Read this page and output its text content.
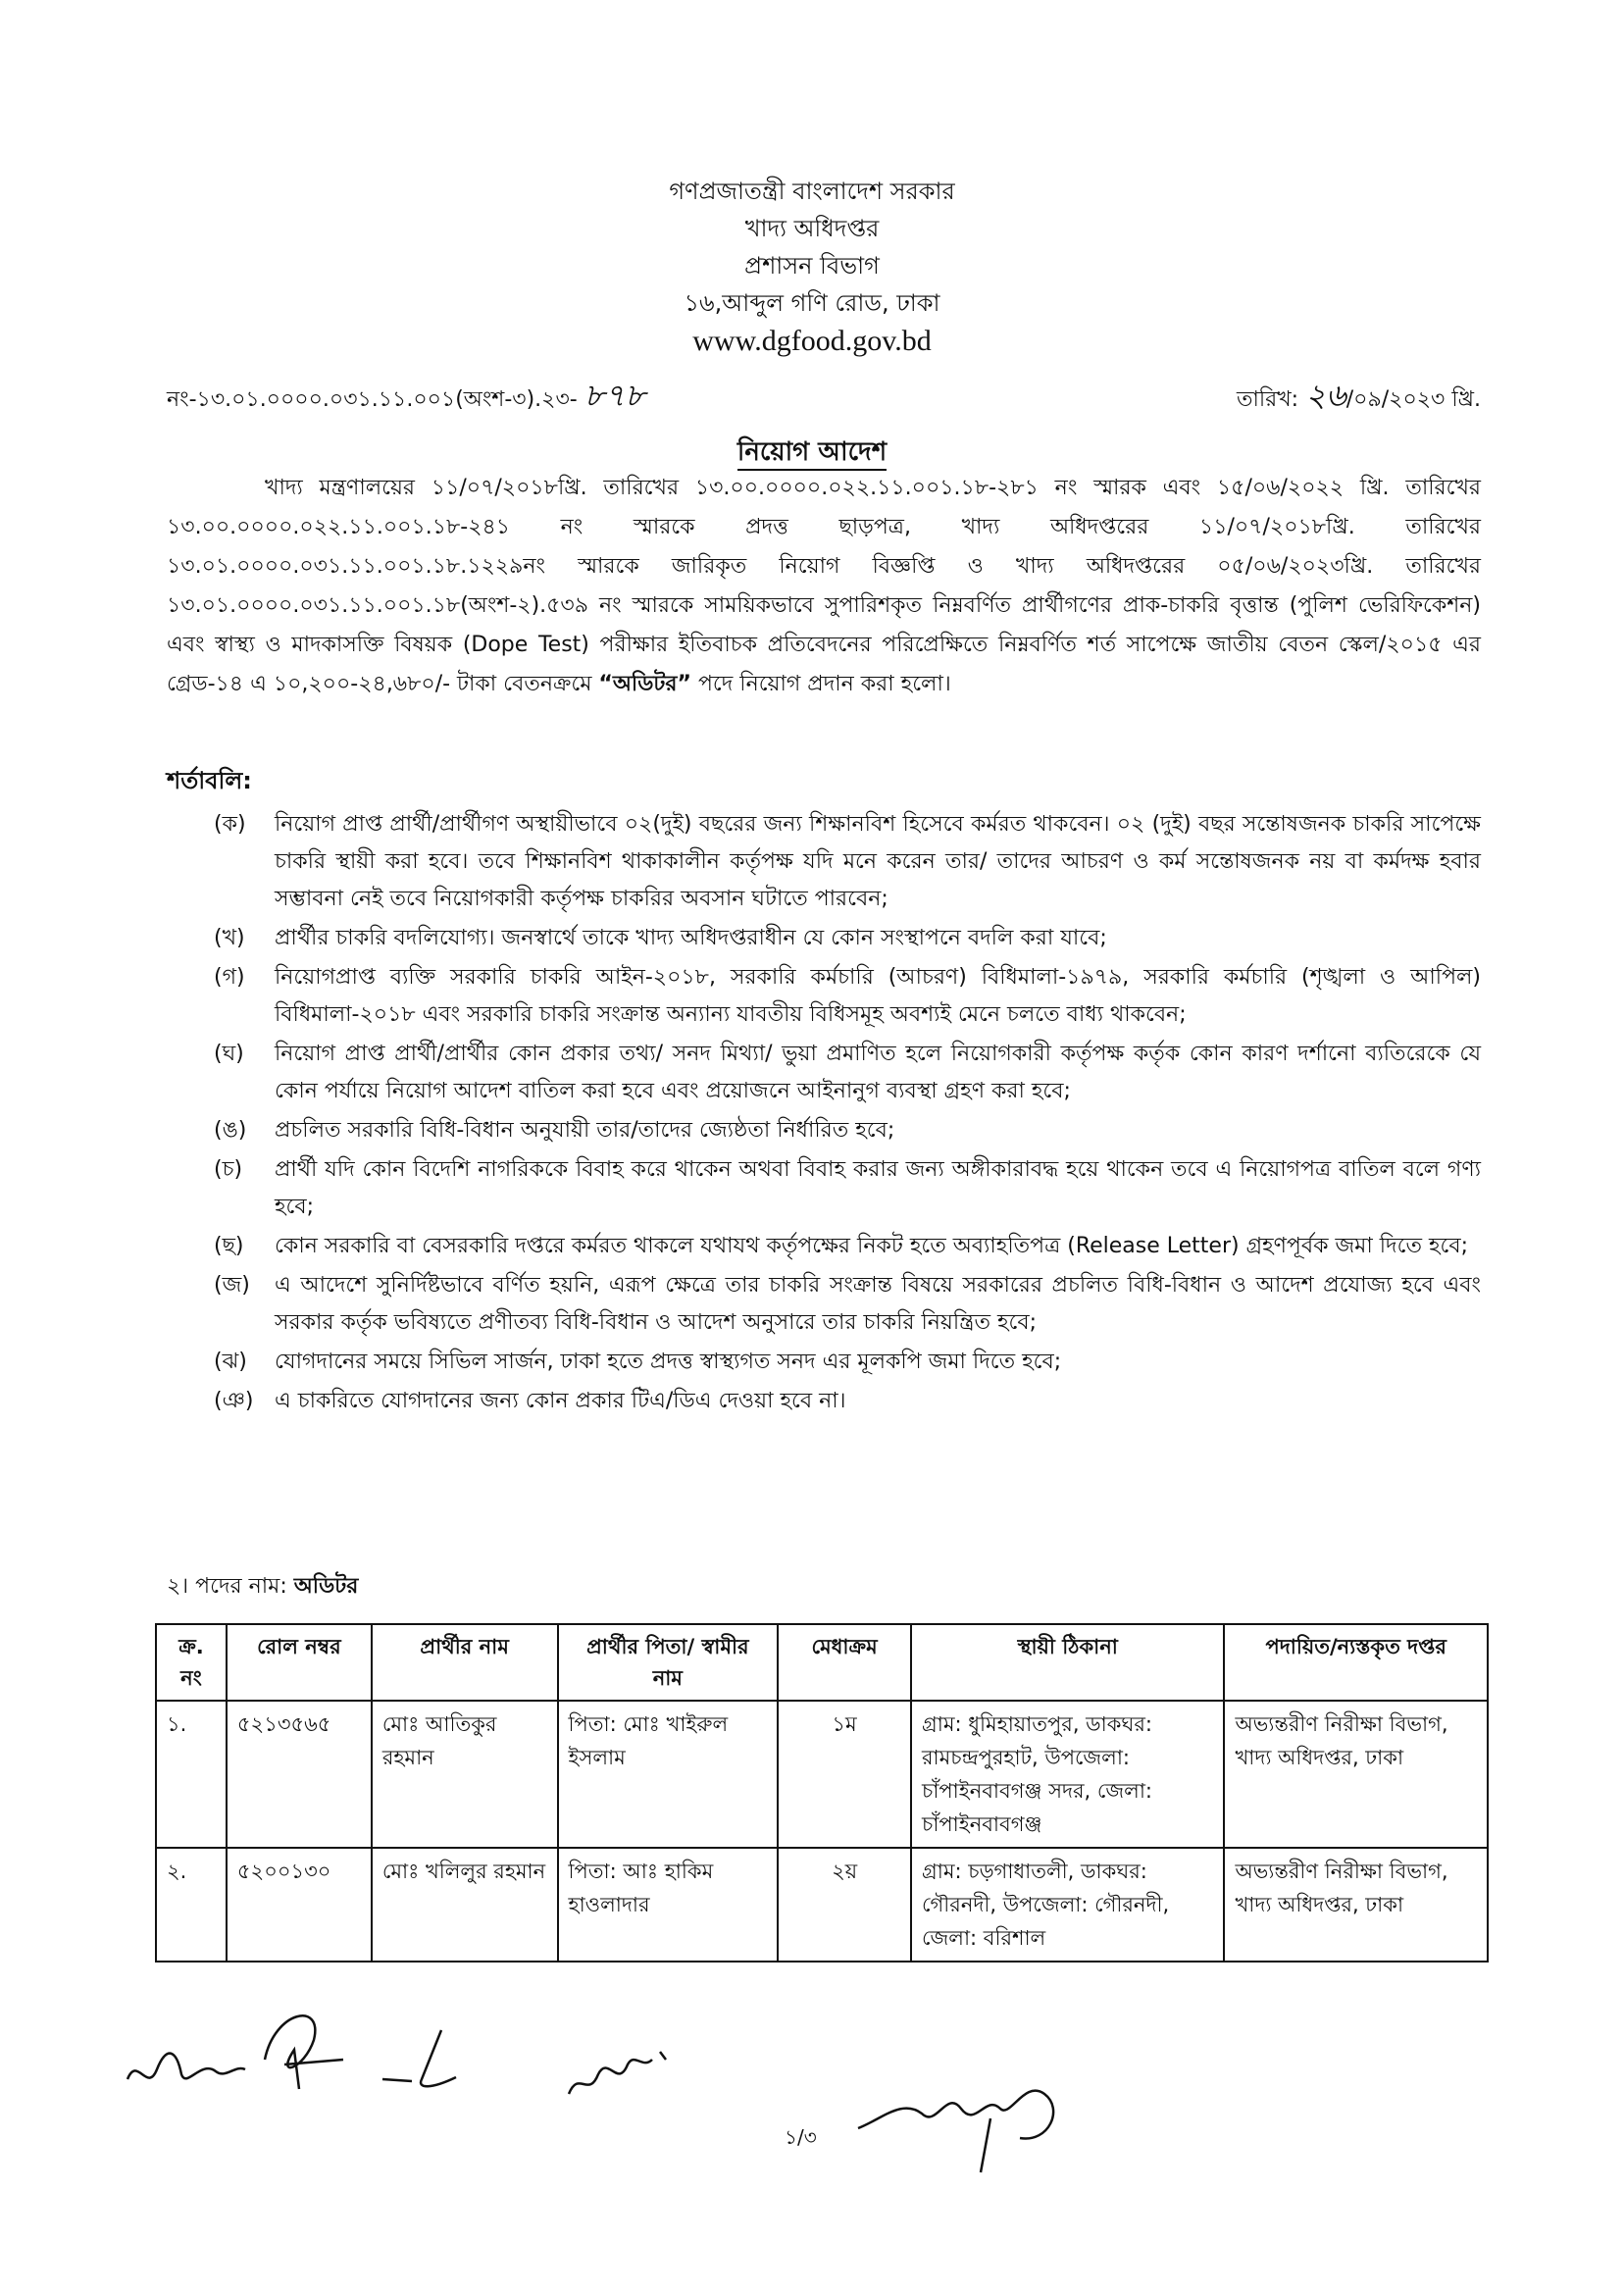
গণপ্রজাতন্ত্রী বাংলাদেশ সরকার
খাদ্য অধিদপ্তর
প্রশাসন বিভাগ
১৬,আব্দুল গণি রোড, ঢাকা
www.dgfood.gov.bd
নং-১৩.০১.০০০০.০৩১.১১.০০১(অংশ-৩).২৩- ৮৭৮	তারিখ: ২৬/০৯/২০২৩ খ্রি.
নিয়োগ আদেশ

খাদ্য মন্ত্রণালয়ের ১১/০৭/২০১৮খ্রি. তারিখের ১৩.০০.০০০০.০২২.১১.০০১.১৮-২৮১ নং স্মারক এবং ১৫/০৬/২০২২ খ্রি. তারিখের ১৩.০০.০০০০.০২২.১১.০০১.১৮-২৪১ নং স্মারকে প্রদত্ত ছাড়পত্র, খাদ্য অধিদপ্তরের ১১/০৭/২০১৮খ্রি. তারিখের ১৩.০১.০০০০.০৩১.১১.০০১.১৮.১২২৯নং স্মারকে জারিকৃত নিয়োগ বিজ্ঞপ্তি ও খাদ্য অধিদপ্তরের ০৫/০৬/২০২৩খ্রি. তারিখের ১৩.০১.০০০০.০৩১.১১.০০১.১৮(অংশ-২).৫৩৯ নং স্মারকে সাময়িকভাবে সুপারিশকৃত নিম্নবর্ণিত প্রার্থীগণের প্রাক-চাকরি বৃত্তান্ত (পুলিশ ভেরিফিকেশন) এবং স্বাস্থ্য ও মাদকাসক্তি বিষয়ক (Dope Test) পরীক্ষার ইতিবাচক প্রতিবেদনের পরিপ্রেক্ষিতে নিম্নবর্ণিত শর্ত সাপেক্ষে জাতীয় বেতন স্কেল/২০১৫ এর গ্রেড-১৪ এ ১০,২০০-২৪,৬৮০/- টাকা বেতনক্রমে “অডিটর” পদে নিয়োগ প্রদান করা হলো।

শর্তাবলি:
(ক)	নিয়োগ প্রাপ্ত প্রার্থী/প্রার্থীগণ অস্থায়ীভাবে ০২(দুই) বছরের জন্য শিক্ষানবিশ হিসেবে কর্মরত থাকবেন। ০২ (দুই) বছর সন্তোষজনক চাকরি সাপেক্ষে চাকরি স্থায়ী করা হবে। তবে শিক্ষানবিশ থাকাকালীন কর্তৃপক্ষ যদি মনে করেন তার/ তাদের আচরণ ও কর্ম সন্তোষজনক নয় বা কর্মদক্ষ হবার সম্ভাবনা নেই তবে নিয়োগকারী কর্তৃপক্ষ চাকরির অবসান ঘটাতে পারবেন;
(খ)	প্রার্থীর চাকরি বদলিযোগ্য। জনস্বার্থে তাকে খাদ্য অধিদপ্তরাধীন যে কোন সংস্থাপনে বদলি করা যাবে;
(গ)	নিয়োগপ্রাপ্ত ব্যক্তি সরকারি চাকরি আইন-২০১৮, সরকারি কর্মচারি (আচরণ) বিধিমালা-১৯৭৯, সরকারি কর্মচারি (শৃঙ্খলা ও আপিল) বিধিমালা-২০১৮ এবং সরকারি চাকরি সংক্রান্ত অন্যান্য যাবতীয় বিধিসমূহ অবশ্যই মেনে চলতে বাধ্য থাকবেন;
(ঘ)	নিয়োগ প্রাপ্ত প্রার্থী/প্রার্থীর কোন প্রকার তথ্য/ সনদ মিথ্যা/ ভুয়া প্রমাণিত হলে নিয়োগকারী কর্তৃপক্ষ কর্তৃক কোন কারণ দর্শানো ব্যতিরেকে যে কোন পর্যায়ে নিয়োগ আদেশ বাতিল করা হবে এবং প্রয়োজনে আইনানুগ ব্যবস্থা গ্রহণ করা হবে;
(ঙ)	প্রচলিত সরকারি বিধি-বিধান অনুযায়ী তার/তাদের জ্যেষ্ঠতা নির্ধারিত হবে;
(চ)	প্রার্থী যদি কোন বিদেশি নাগরিককে বিবাহ করে থাকেন অথবা বিবাহ করার জন্য অঙ্গীকারাবদ্ধ হয়ে থাকেন তবে এ নিয়োগপত্র বাতিল বলে গণ্য হবে;
(ছ)	কোন সরকারি বা বেসরকারি দপ্তরে কর্মরত থাকলে যথাযথ কর্তৃপক্ষের নিকট হতে অব্যাহতিপত্র (Release Letter) গ্রহণপূর্বক জমা দিতে হবে;
(জ)	এ আদেশে সুনির্দিষ্টভাবে বর্ণিত হয়নি, এরূপ ক্ষেত্রে তার চাকরি সংক্রান্ত বিষয়ে সরকারের প্রচলিত বিধি-বিধান ও আদেশ প্রযোজ্য হবে এবং সরকার কর্তৃক ভবিষ্যতে প্রণীতব্য বিধি-বিধান ও আদেশ অনুসারে তার চাকরি নিয়ন্ত্রিত হবে;
(ঝ)	যোগদানের সময়ে সিভিল সার্জন, ঢাকা হতে প্রদত্ত স্বাস্থ্যগত সনদ এর মূলকপি জমা দিতে হবে;
(ঞ) এ চাকরিতে যোগদানের জন্য কোন প্রকার টিএ/ডিএ দেওয়া হবে না।
২। পদের নাম: অডিটর
ক্র. নং	রোল নম্বর	প্রার্থীর নাম	প্রার্থীর পিতা/ স্বামীর নাম	মেধাক্রম	স্থায়ী ঠিকানা	পদায়িত/ন্যস্তকৃত দপ্তর
১.	৫২১৩৫৬৫	মোঃ আতিকুর রহমান	পিতা: মোঃ খাইরুল ইসলাম	১ম	গ্রাম: ধুমিহায়াতপুর, ডাকঘর: রামচন্দ্রপুরহাট, উপজেলা: চাঁপাইনবাবগঞ্জ সদর, জেলা: চাঁপাইনবাবগঞ্জ	অভ্যন্তরীণ নিরীক্ষা বিভাগ, খাদ্য অধিদপ্তর, ঢাকা
২.	৫২০০১৩০	মোঃ খলিলুর রহমান	পিতা: আঃ হাকিম হাওলাদার	২য়	গ্রাম: চড়গাধাতলী, ডাকঘর: গৌরনদী, উপজেলা: গৌরনদী, জেলা: বরিশাল	অভ্যন্তরীণ নিরীক্ষা বিভাগ, খাদ্য অধিদপ্তর, ঢাকা
১/৩
